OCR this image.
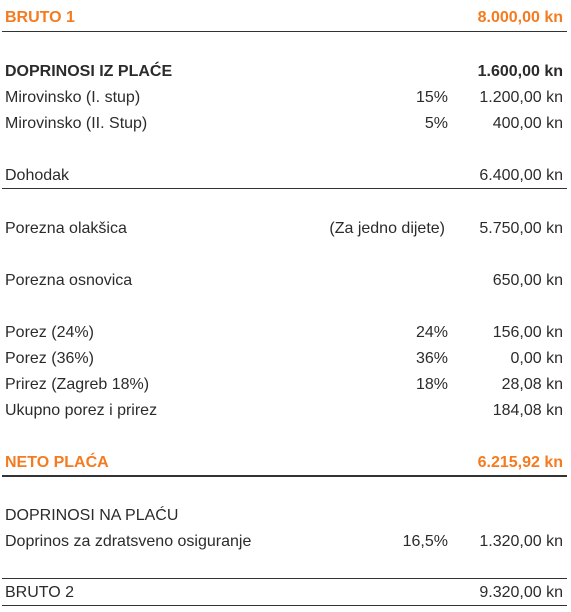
BRUTO 1	8.000,00 kn
DOPRINOSI IZ PLAĆE	1.600,00 kn
Mirovinsko (I. stup)	15% 1.200,00 kn
Mirovinsko (II. Stup)	5%	400,00 kn
Dohodak	6.400,00 kn
Porezna olakšica	(Za jedno dijete) 5.750,00 kn
Porezna osnovica	650,00 kn
Porez (24%)	24%	156,00 kn
Porez (36%)	36%	0,00 kn
Prirez (Zagreb 18%)	18%	28,08 kn
Ukupno porez i prirez	184,08 kn
NETO PLAĆA	6.215,92 kn
DOPRINOSI NA PLAĆU
Doprinos za zdratsveno osiguranje	16,5% 1.320,00 kn
BRUTO 2	9.320,00 kn
